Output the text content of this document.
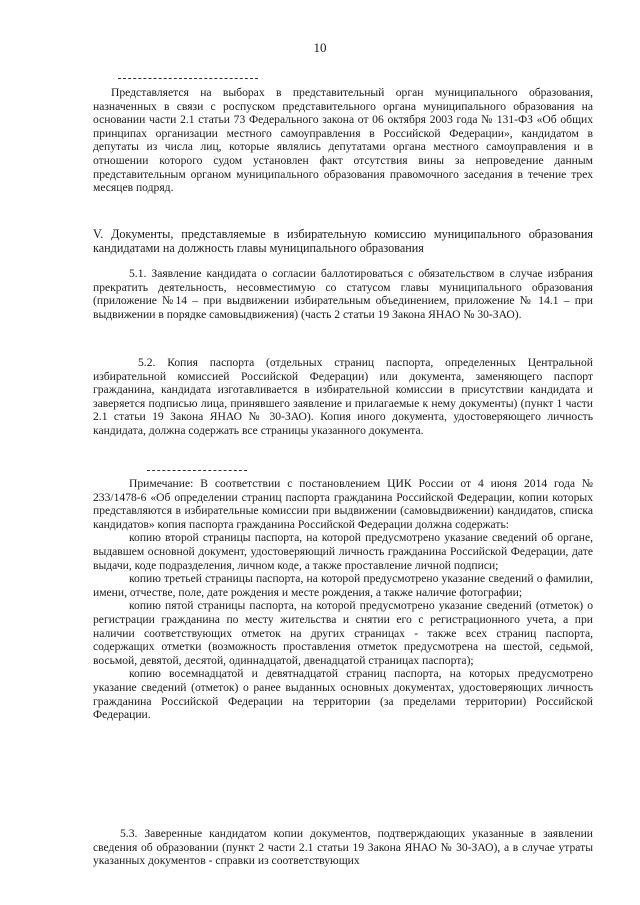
10

Представляется на выборах в представительный орган муниципального образования, назначенных в связи с роспуском представительного органа муниципального образования на основании части 2.1 статьи 73 Федерального закона от 06 октября 2003 года № 131-ФЗ «Об общих принципах организации местного самоуправления в Российской Федерации», кандидатом в депутаты из числа лиц, которые являлись депутатами органа местного самоуправления и в отношении которого судом установлен факт отсутствия вины за непроведение данным представительным органом муниципального образования правомочного заседания в течение трех месяцев подряд.

V. Документы, представляемые в избирательную комиссию муниципального образования кандидатами на должность главы муниципального образования

5.1. Заявление кандидата о согласии баллотироваться с обязательством в случае избрания прекратить деятельность, несовместимую со статусом главы муниципального образования (приложение №14 – при выдвижении избирательным объединением, приложение № 14.1 – при выдвижении в порядке самовыдвижения) (часть 2 статьи 19 Закона ЯНАО № 30-ЗАО).

5.2. Копия паспорта (отдельных страниц паспорта, определенных Центральной избирательной комиссией Российской Федерации) или документа, заменяющего паспорт гражданина, кандидата изготавливается в избирательной комиссии в присутствии кандидата и заверяется подписью лица, принявшего заявление и прилагаемые к нему документы) (пункт 1 части 2.1 статьи 19 Закона ЯНАО № 30-ЗАО). Копия иного документа, удостоверяющего личность кандидата, должна содержать все страницы указанного документа.

Примечание: В соответствии с постановлением ЦИК России от 4 июня 2014 года № 233/1478-6 «Об определении страниц паспорта гражданина Российской Федерации, копии которых представляются в избирательные комиссии при выдвижении (самовыдвижении) кандидатов, списка кандидатов» копия паспорта гражданина Российской Федерации должна содержать:

копию второй страницы паспорта, на которой предусмотрено указание сведений об органе, выдавшем основной документ, удостоверяющий личность гражданина Российской Федерации, дате выдачи, коде подразделения, личном коде, а также проставление личной подписи;

копию третьей страницы паспорта, на которой предусмотрено указание сведений о фамилии, имени, отчестве, поле, дате рождения и месте рождения, а также наличие фотографии;

копию пятой страницы паспорта, на которой предусмотрено указание сведений (отметок) о регистрации гражданина по месту жительства и снятии его с регистрационного учета, а при наличии соответствующих отметок на других страницах - также всех страниц паспорта, содержащих отметки (возможность проставления отметок предусмотрена на шестой, седьмой, восьмой, девятой, десятой, одиннадцатой, двенадцатой страницах паспорта);

копию восемнадцатой и девятнадцатой страниц паспорта, на которых предусмотрено указание сведений (отметок) о ранее выданных основных документах, удостоверяющих личность гражданина Российской Федерации на территории (за пределами территории) Российской Федерации.

5.3. Заверенные кандидатом копии документов, подтверждающих указанные в заявлении сведения об образовании (пункт 2 части 2.1 статьи 19 Закона ЯНАО № 30-ЗАО), а в случае утраты указанных документов - справки из соответствующих
